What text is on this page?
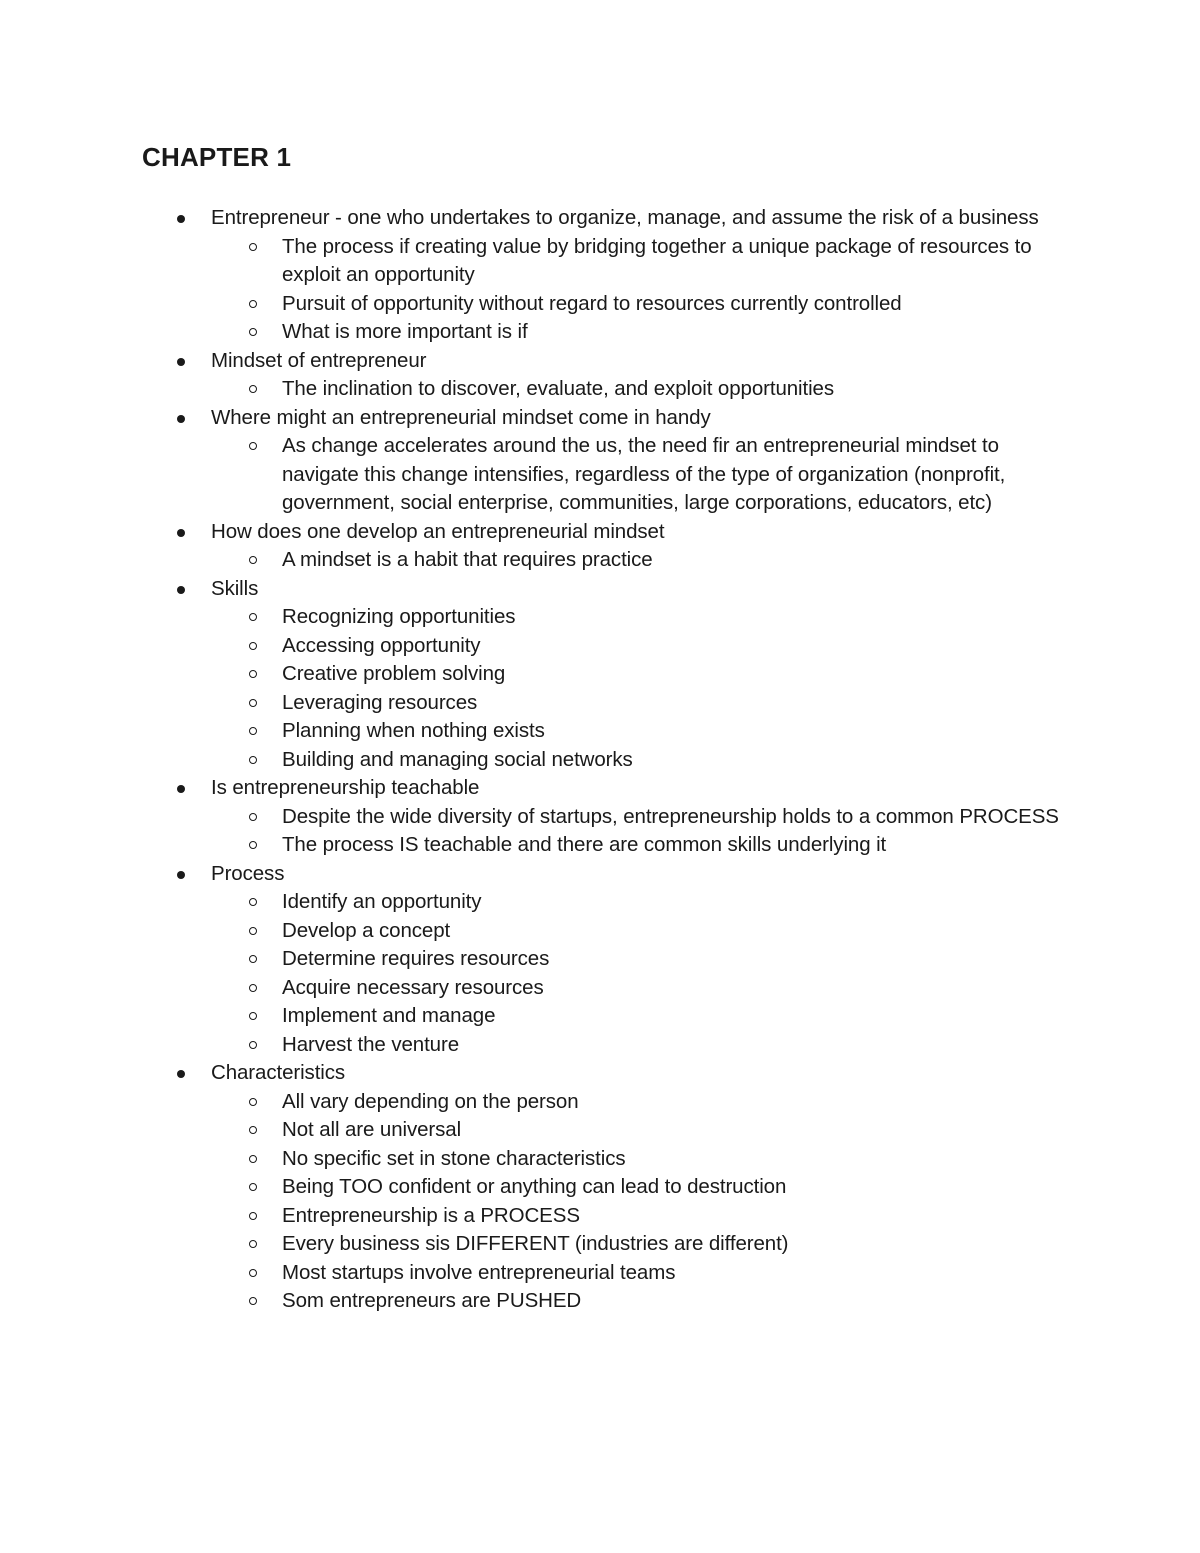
CHAPTER 1
Entrepreneur - one who undertakes to organize, manage, and assume the risk of a business
The process if creating value by bridging together a unique package of resources to exploit an opportunity
Pursuit of opportunity without regard to resources currently controlled
What is more important is if
Mindset of entrepreneur
The inclination to discover, evaluate, and exploit opportunities
Where might an entrepreneurial mindset come in handy
As change accelerates around the us, the need fir an entrepreneurial mindset to navigate this change intensifies, regardless of the type of organization (nonprofit, government, social enterprise, communities, large corporations, educators, etc)
How does one develop an entrepreneurial mindset
A mindset is a habit that requires practice
Skills
Recognizing opportunities
Accessing opportunity
Creative problem solving
Leveraging resources
Planning when nothing exists
Building and managing social networks
Is entrepreneurship teachable
Despite the wide diversity of startups, entrepreneurship holds to a common PROCESS
The process IS teachable and there are common skills underlying it
Process
Identify an opportunity
Develop a concept
Determine requires resources
Acquire necessary resources
Implement and manage
Harvest the venture
Characteristics
All vary depending on the person
Not all are universal
No specific set in stone characteristics
Being TOO confident or anything can lead to destruction
Entrepreneurship is a PROCESS
Every business sis DIFFERENT (industries are different)
Most startups involve entrepreneurial teams
Som entrepreneurs are PUSHED
